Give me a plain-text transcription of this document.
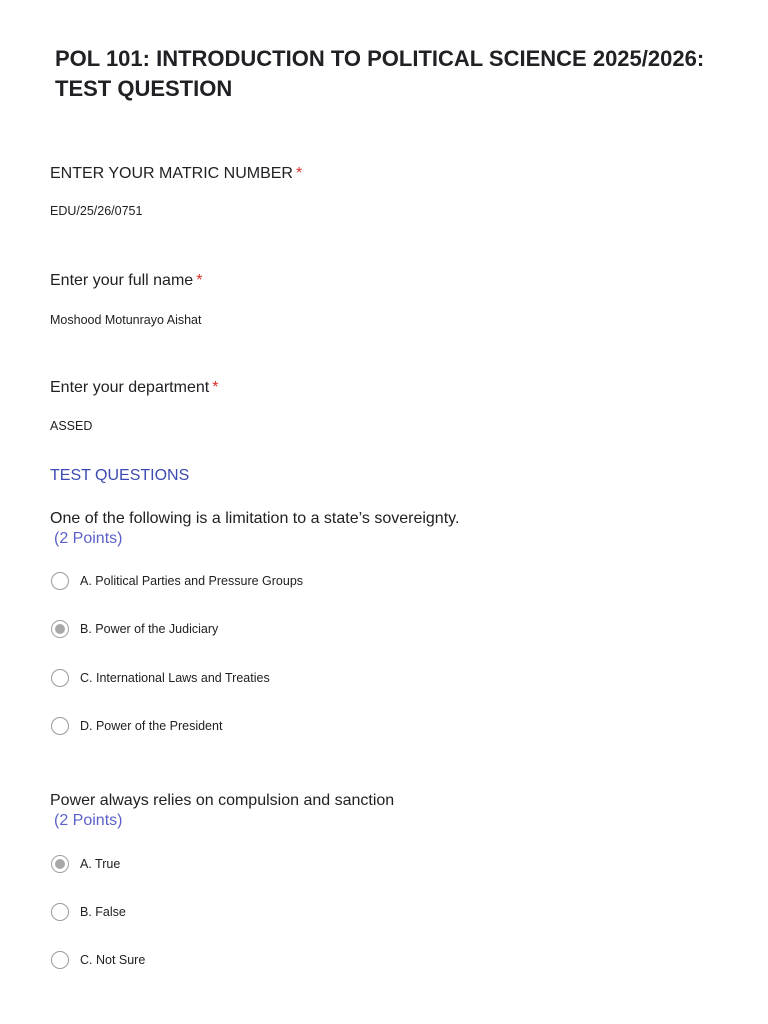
POL 101: INTRODUCTION TO POLITICAL SCIENCE 2025/2026: TEST QUESTION
ENTER YOUR MATRIC NUMBER *
EDU/25/26/0751
Enter your full name *
Moshood Motunrayo Aishat
Enter your department *
ASSED
TEST QUESTIONS
One of the following is a limitation to a state’s sovereignty.
(2 Points)
A. Political Parties and Pressure Groups
B. Power of the Judiciary
C. International Laws and Treaties
D. Power of the President
Power always relies on compulsion and sanction
(2 Points)
A. True
B. False
C. Not Sure
